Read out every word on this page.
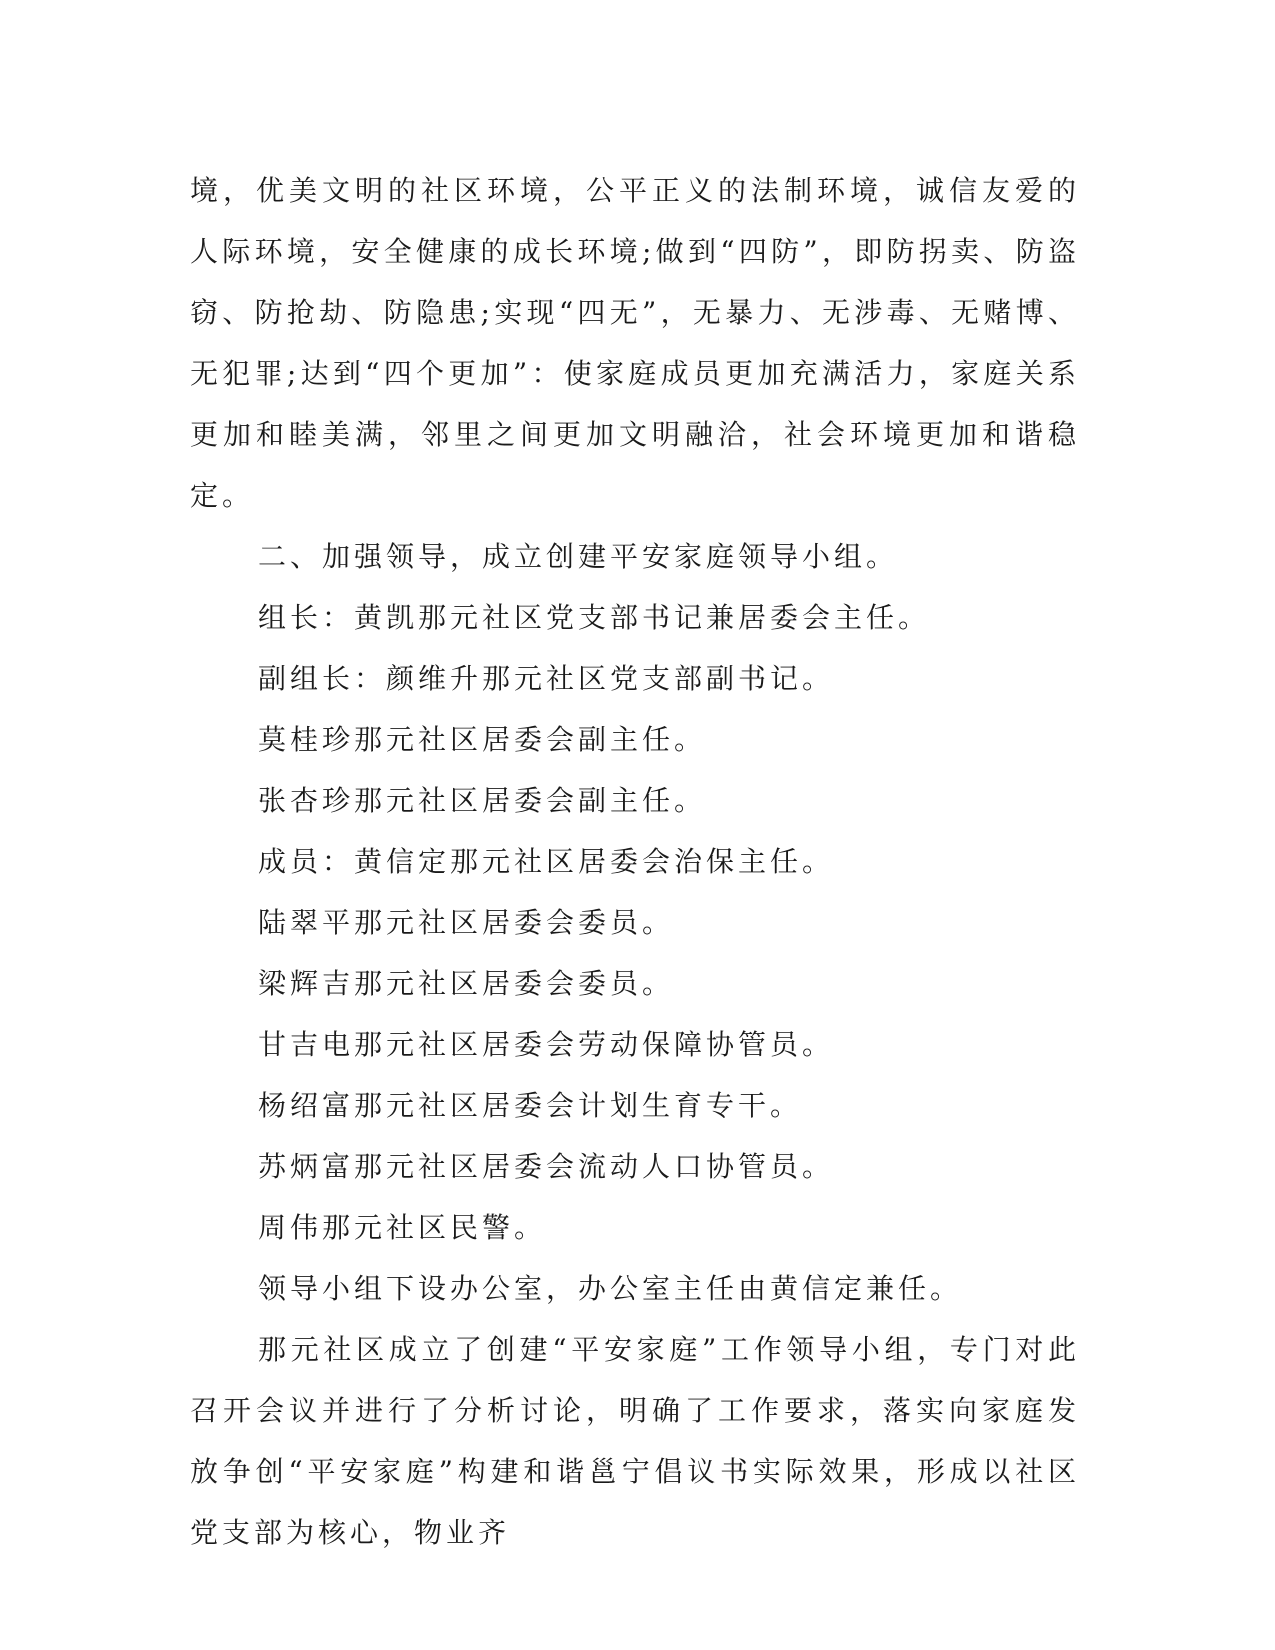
境，优美文明的社区环境，公平正义的法制环境，诚信友爱的人际环境，安全健康的成长环境;做到“四防”，即防拐卖、防盗窃、防抢劫、防隐患;实现“四无”，无暴力、无涉毒、无赌博、无犯罪;达到“四个更加”：使家庭成员更加充满活力，家庭关系更加和睦美满，邻里之间更加文明融洽，社会环境更加和谐稳定。

二、加强领导，成立创建平安家庭领导小组。

组长：黄凯那元社区党支部书记兼居委会主任。

副组长：颜维升那元社区党支部副书记。

莫桂珍那元社区居委会副主任。

张杏珍那元社区居委会副主任。

成员：黄信定那元社区居委会治保主任。

陆翠平那元社区居委会委员。

梁辉吉那元社区居委会委员。

甘吉电那元社区居委会劳动保障协管员。

杨绍富那元社区居委会计划生育专干。

苏炳富那元社区居委会流动人口协管员。

周伟那元社区民警。

领导小组下设办公室，办公室主任由黄信定兼任。

那元社区成立了创建“平安家庭”工作领导小组，专门对此召开会议并进行了分析讨论，明确了工作要求，落实向家庭发放争创“平安家庭”构建和谐邕宁倡议书实际效果，形成以社区党支部为核心，物业齐
